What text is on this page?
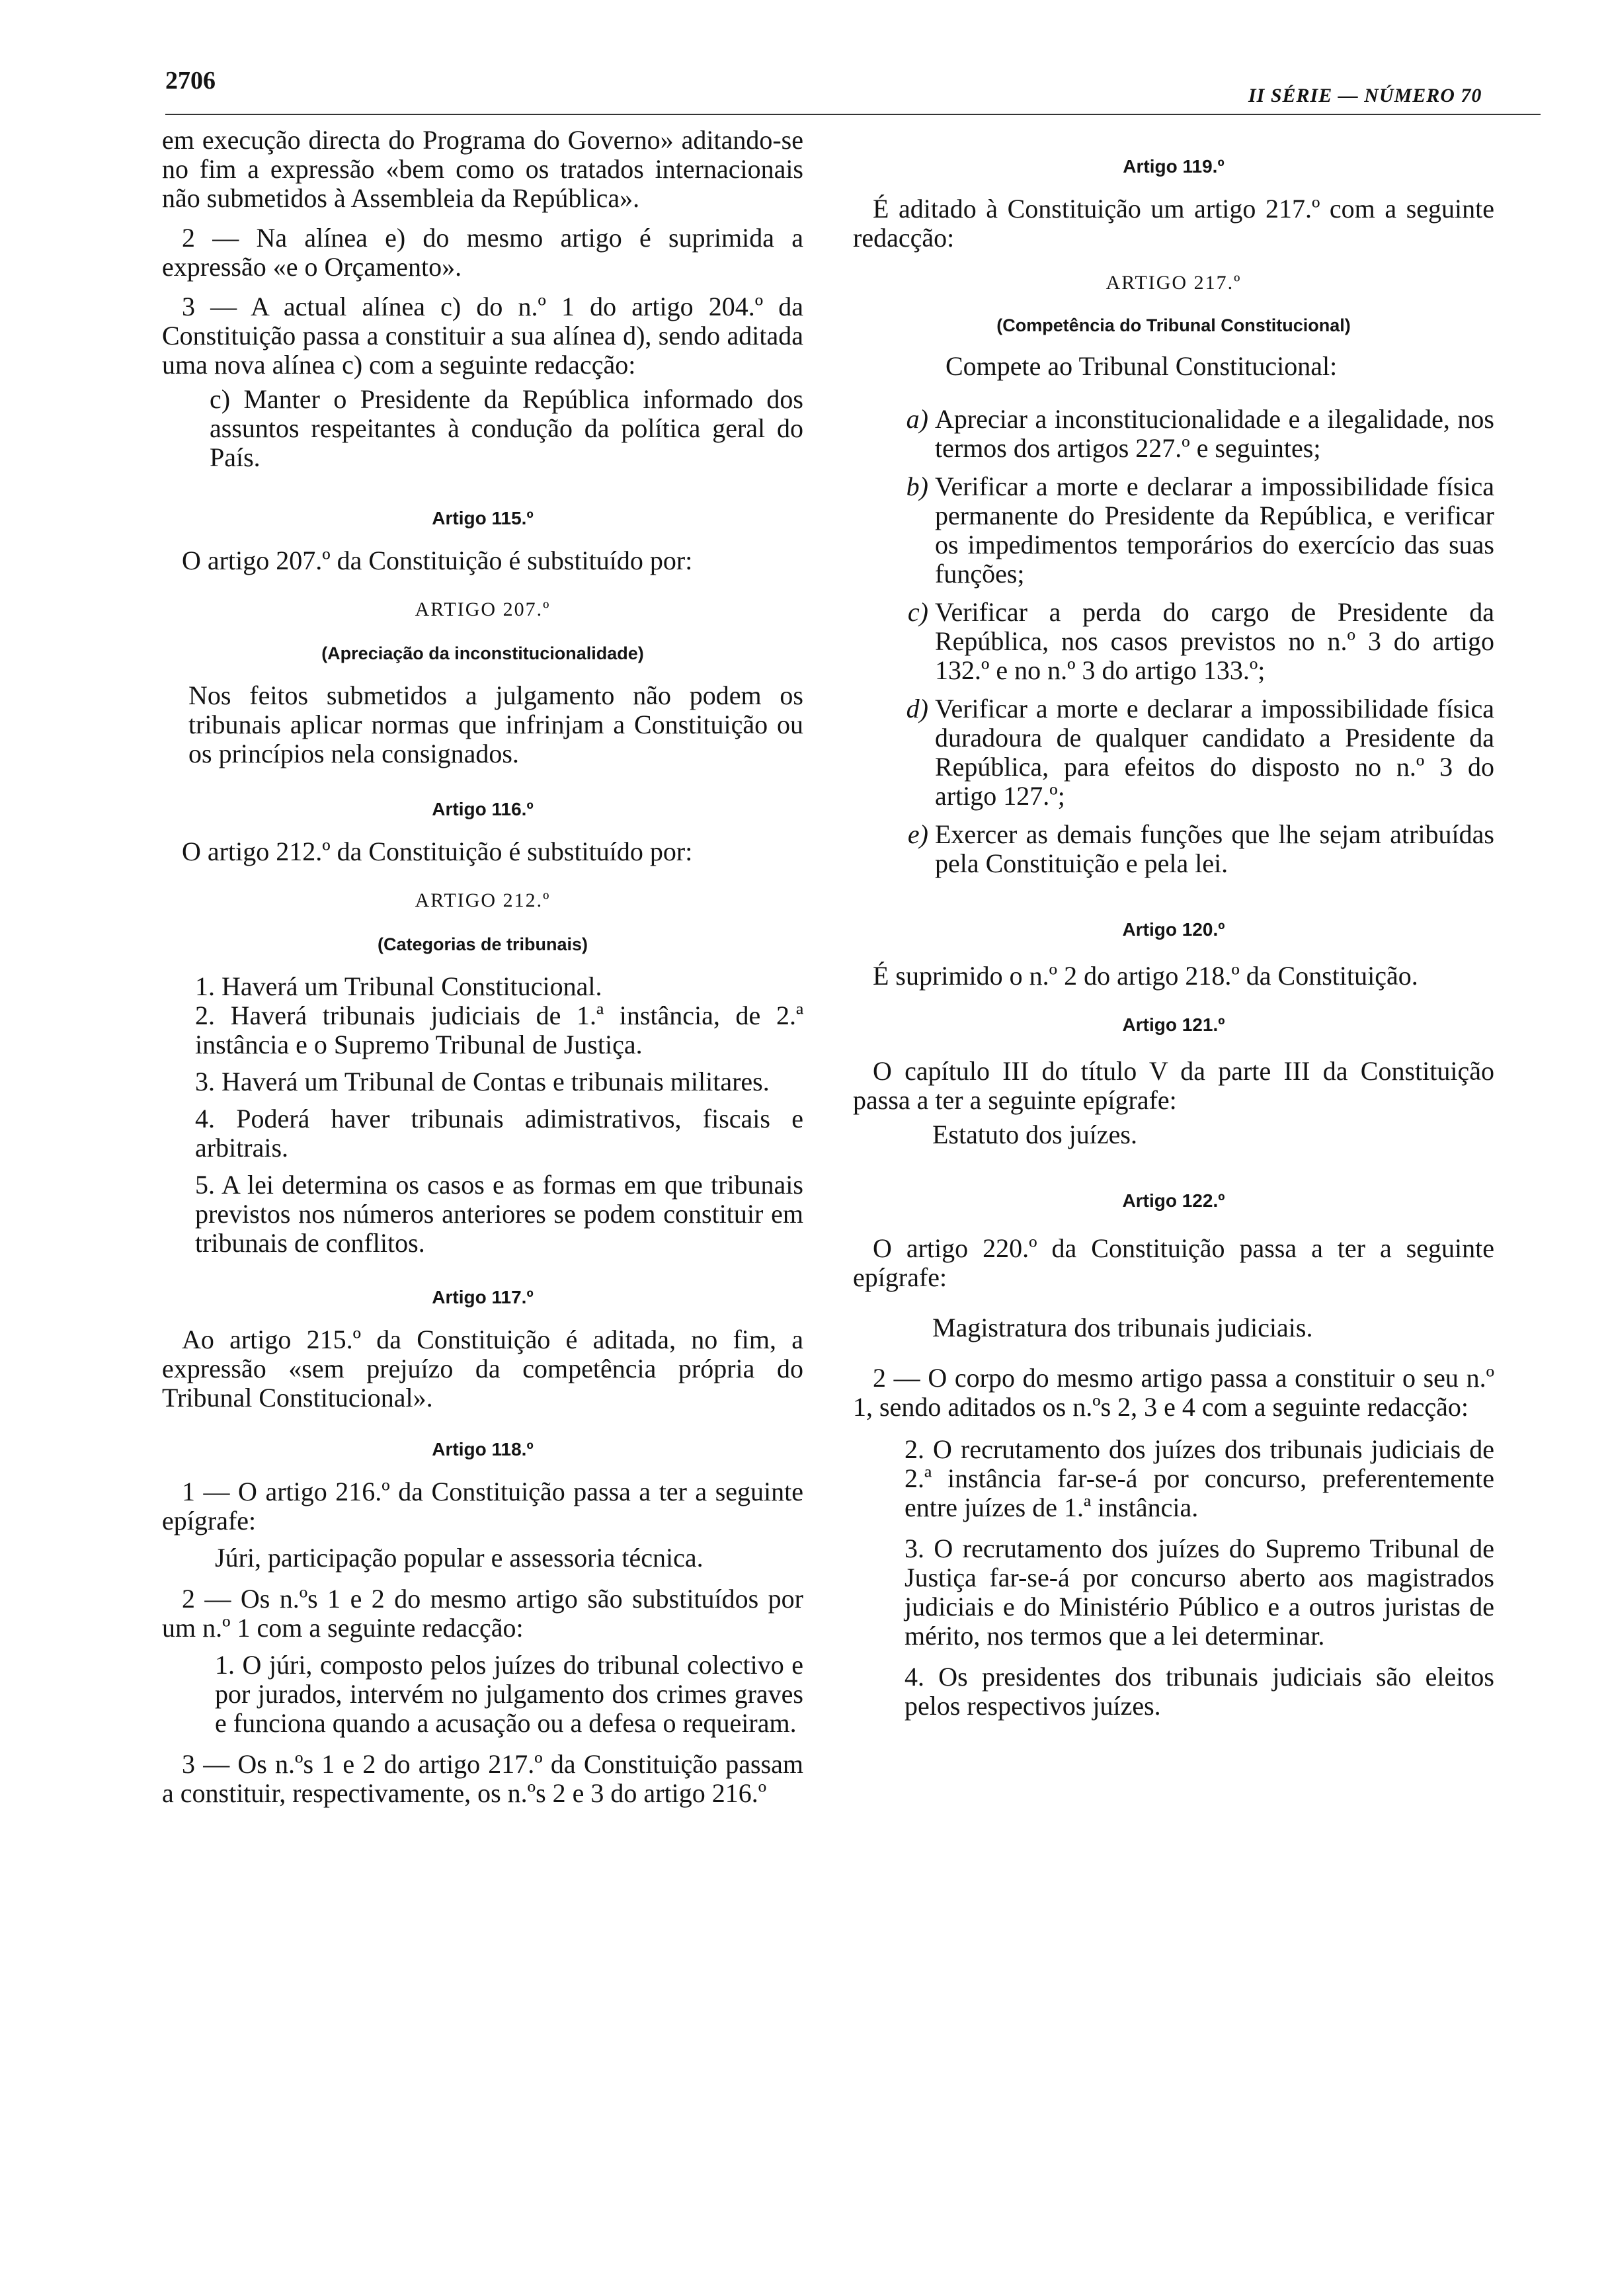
2706
II SÉRIE — NÚMERO 70

em execução directa do Programa do Governo» aditando-se no fim a expressão «bem como os tratados internacionais não submetidos à Assembleia da República».

2 — Na alínea e) do mesmo artigo é suprimida a expressão «e o Orçamento».

3 — A actual alínea c) do n.º 1 do artigo 204.º da Constituição passa a constituir a sua alínea d), sendo aditada uma nova alínea c) com a seguinte redacção:

c) Manter o Presidente da República informado dos assuntos respeitantes à condução da política geral do País.

Artigo 115.º

O artigo 207.º da Constituição é substituído por:

ARTIGO 207.º

(Apreciação da inconstitucionalidade)

Nos feitos submetidos a julgamento não podem os tribunais aplicar normas que infrinjam a Constituição ou os princípios nela consignados.

Artigo 116.º

O artigo 212.º da Constituição é substituído por:

ARTIGO 212.º

(Categorias de tribunais)

1. Haverá um Tribunal Constitucional.

2. Haverá tribunais judiciais de 1.ª instância, de 2.ª instância e o Supremo Tribunal de Justiça.

3. Haverá um Tribunal de Contas e tribunais militares.

4. Poderá haver tribunais adimistrativos, fiscais e arbitrais.

5. A lei determina os casos e as formas em que tribunais previstos nos números anteriores se podem constituir em tribunais de conflitos.

Artigo 117.º

Ao artigo 215.º da Constituição é aditada, no fim, a expressão «sem prejuízo da competência própria do Tribunal Constitucional».

Artigo 118.º

1 — O artigo 216.º da Constituição passa a ter a seguinte epígrafe:

Júri, participação popular e assessoria técnica.

2 — Os n.ºs 1 e 2 do mesmo artigo são substituídos por um n.º 1 com a seguinte redacção:

1. O júri, composto pelos juízes do tribunal colectivo e por jurados, intervém no julgamento dos crimes graves e funciona quando a acusação ou a defesa o requeiram.

3 — Os n.ºs 1 e 2 do artigo 217.º da Constituição passam a constituir, respectivamente, os n.ºs 2 e 3 do artigo 216.º

Artigo 119.º

É aditado à Constituição um artigo 217.º com a seguinte redacção:

ARTIGO 217.º

(Competência do Tribunal Constitucional)

Compete ao Tribunal Constitucional:

a) Apreciar a inconstitucionalidade e a ilegalidade, nos termos dos artigos 227.º e seguintes;
b) Verificar a morte e declarar a impossibilidade física permanente do Presidente da República, e verificar os impedimentos temporários do exercício das suas funções;
c) Verificar a perda do cargo de Presidente da República, nos casos previstos no n.º 3 do artigo 132.º e no n.º 3 do artigo 133.º;
d) Verificar a morte e declarar a impossibilidade física duradoura de qualquer candidato a Presidente da República, para efeitos do disposto no n.º 3 do artigo 127.º;
e) Exercer as demais funções que lhe sejam atribuídas pela Constituição e pela lei.

Artigo 120.º

É suprimido o n.º 2 do artigo 218.º da Constituição.

Artigo 121.º

O capítulo III do título V da parte III da Constituição passa a ter a seguinte epígrafe:

Estatuto dos juízes.

Artigo 122.º

O artigo 220.º da Constituição passa a ter a seguinte epígrafe:

Magistratura dos tribunais judiciais.

2 — O corpo do mesmo artigo passa a constituir o seu n.º 1, sendo aditados os n.ºs 2, 3 e 4 com a seguinte redacção:

2. O recrutamento dos juízes dos tribunais judiciais de 2.ª instância far-se-á por concurso, preferentemente entre juízes de 1.ª instância.

3. O recrutamento dos juízes do Supremo Tribunal de Justiça far-se-á por concurso aberto aos magistrados judiciais e do Ministério Público e a outros juristas de mérito, nos termos que a lei determinar.

4. Os presidentes dos tribunais judiciais são eleitos pelos respectivos juízes.
